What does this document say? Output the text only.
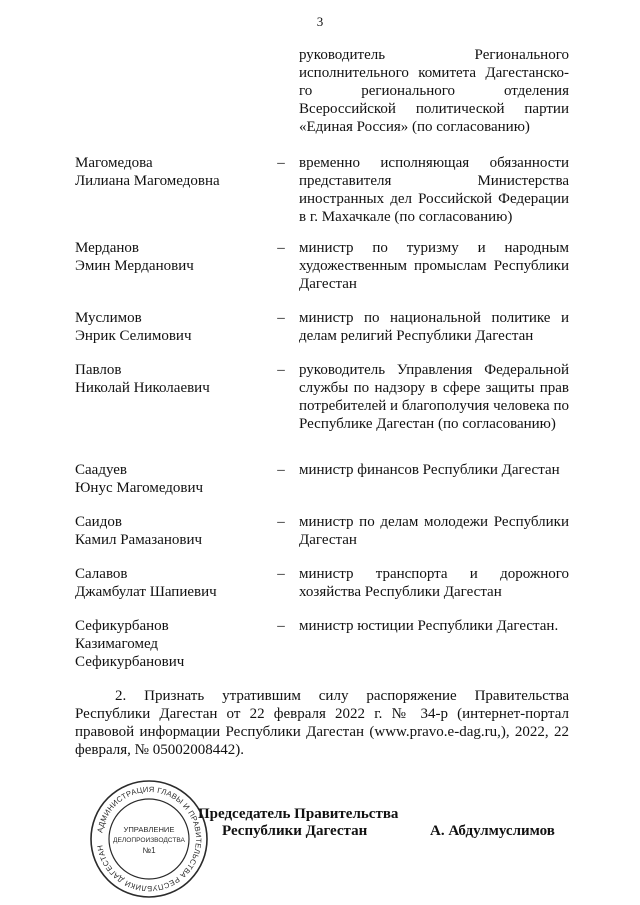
3
руководитель Регионального исполнительного комитета Дагестанско-го регионального отделения Всероссийской политической партии «Единая Россия» (по согласованию)
Магомедова
Лилиана Магомедовна
– временно исполняющая обязанности представителя Министерства иностранных дел Российской Федерации в г. Махачкале (по согласованию)
Мерданов
Эмин Мерданович
– министр по туризму и народным художественным промыслам Республики Дагестан
Муслимов
Энрик Селимович
– министр по национальной политике и делам религий Республики Дагестан
Павлов
Николай Николаевич
– руководитель Управления Федеральной службы по надзору в сфере защиты прав потребителей и благополучия человека по Республике Дагестан (по согласованию)
Саадуев
Юнус Магомедович
– министр финансов Республики Дагестан
Саидов
Камил Рамазанович
– министр по делам молодежи Республики Дагестан
Салавов
Джамбулат Шапиевич
– министр транспорта и дорожного хозяйства Республики Дагестан
Сефикурбанов
Казимагомед
Сефикурбанович
– министр юстиции Республики Дагестан.
2. Признать утратившим силу распоряжение Правительства Республики Дагестан от 22 февраля 2022 г. № 34-р (интернет-портал правовой информации Республики Дагестан (www.pravo.e-dag.ru,), 2022, 22 февраля, № 05002008442).
АДМИНИСТРАЦИЯ ГЛАВЫ И ПРАВИТЕЛЬСТВА РЕСПУБЛИКИ ДАГЕСТАН
УПРАВЛЕНИЕ
ДЕЛОПРОИЗВОДСТВА
№1
Председатель Правительства
Республики Дагестан	А. Абдулмуслимов
